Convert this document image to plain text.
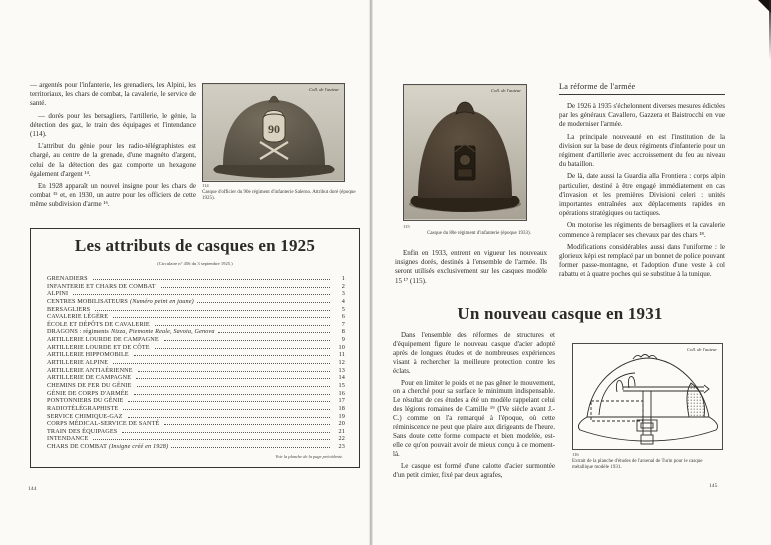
— argentés pour l'infanterie, les grenadiers, les Alpini, les territoriaux, les chars de combat, la cavalerie, le service de santé.

— dorés pour les bersagliers, l'artillerie, le génie, la détection des gaz, le train des équipages et l'intendance (114).

L'attribut du génie pour les radio-télégraphistes est chargé, au centre de la grenade, d'une magnéto d'argent, celui de la détection des gaz comporte un hexagone également d'argent ¹⁴.

En 1928 apparaît un nouvel insigne pour les chars de combat ¹⁵ et, en 1930, un autre pour les officiers de cette même subdivision d'arme ¹⁶.

Coll. de l'auteur
90
114
Casque d'officier du 90e régiment d'infanterie Salerno. Attribut doré (époque 1925).
Les attributs de casques en 1925
(Circulaire n° 456 du 3 septembre 1925.)
GRENADIERS	1
INFANTERIE ET CHARS DE COMBAT	2
ALPINI	3
CENTRES MOBILISATEURS (Numéro peint en jaune)	4
BERSAGLIERS	5
CAVALERIE LÉGÈRE	6
ÉCOLE ET DÉPÔTS DE CAVALERIE	7
DRAGONS : régiments Nizza, Piemonte Reale, Savoia, Genova	8
ARTILLERIE LOURDE DE CAMPAGNE	9
ARTILLERIE LOURDE ET DE CÔTE	10
ARTILLERIE HIPPOMOBILE	11
ARTILLERIE ALPINE	12
ARTILLERIE ANTIAÉRIENNE	13
ARTILLERIE DE CAMPAGNE	14
CHEMINS DE FER DU GÉNIE	15
GÉNIE DE CORPS D'ARMÉE	16
PONTONNIERS DU GÉNIE	17
RADIOTÉLÉGRAPHISTE	18
SERVICE CHIMIQUE-GAZ	19
CORPS MÉDICAL-SERVICE DE SANTÉ	20
TRAIN DES ÉQUIPAGES	21
INTENDANCE	22
CHARS DE COMBAT (Insigne créé en 1928)	23
Voir la planche de la page précédente.
144
Coll. de l'auteur
115
Casque du 80e régiment d'infanterie (époque 1933).

Enfin en 1933, entrent en vigueur les nouveaux insignes dorés, destinés à l'ensemble de l'armée. Ils seront utilisés exclusivement sur les casques modèle 15 ¹⁷ (115).

La réforme de l'armée

De 1926 à 1935 s'échelonnent diverses mesures édictées par les généraux Cavallero, Gazzera et Baistrocchi en vue de moderniser l'armée.

La principale nouveauté en est l'institution de la division sur la base de deux régiments d'infanterie pour un régiment d'artillerie avec accroissement du feu au niveau du bataillon.

De là, date aussi la Guardia alla Frontiera : corps alpin particulier, destiné à être engagé immédiatement en cas d'invasion et les premières Divisioni celeri : unités importantes entraînées aux déplacements rapides en opérations stratégiques ou tactiques.

On motorise les régiments de bersagliers et la cavalerie commence à remplacer ses chevaux par des chars ¹⁸.

Modifications considérables aussi dans l'uniforme : le glorieux képi est remplacé par un bonnet de police pouvant former passe-montagne, et l'adoption d'une veste à col rabattu et à quatre poches qui se substitue à la tunique.

Un nouveau casque en 1931

Dans l'ensemble des réformes de structures et d'équipement figure le nouveau casque d'acier adopté après de longues études et de nombreuses expériences visant à rechercher la meilleure protection contre les éclats.

Pour en limiter le poids et ne pas gêner le mouvement, on a cherché pour sa surface le minimum indispensable. Le résultat de ces études a été un modèle rappelant celui des légions romaines de Camille ¹⁹ (IVe siècle avant J.-C.) comme on l'a remarqué à l'époque, où cette réminiscence ne peut que plaire aux dirigeants de l'heure. Sans doute cette forme compacte et bien modelée, est-elle ce qu'on pouvait avoir de mieux conçu à ce moment-là.

Le casque est formé d'une calotte d'acier surmontée d'un petit cimier, fixé par deux agrafes,

Coll. de l'auteur
116
Extrait de la planche d'études de l'arsenal de Turin pour le casque métallique modèle 1931.
145
